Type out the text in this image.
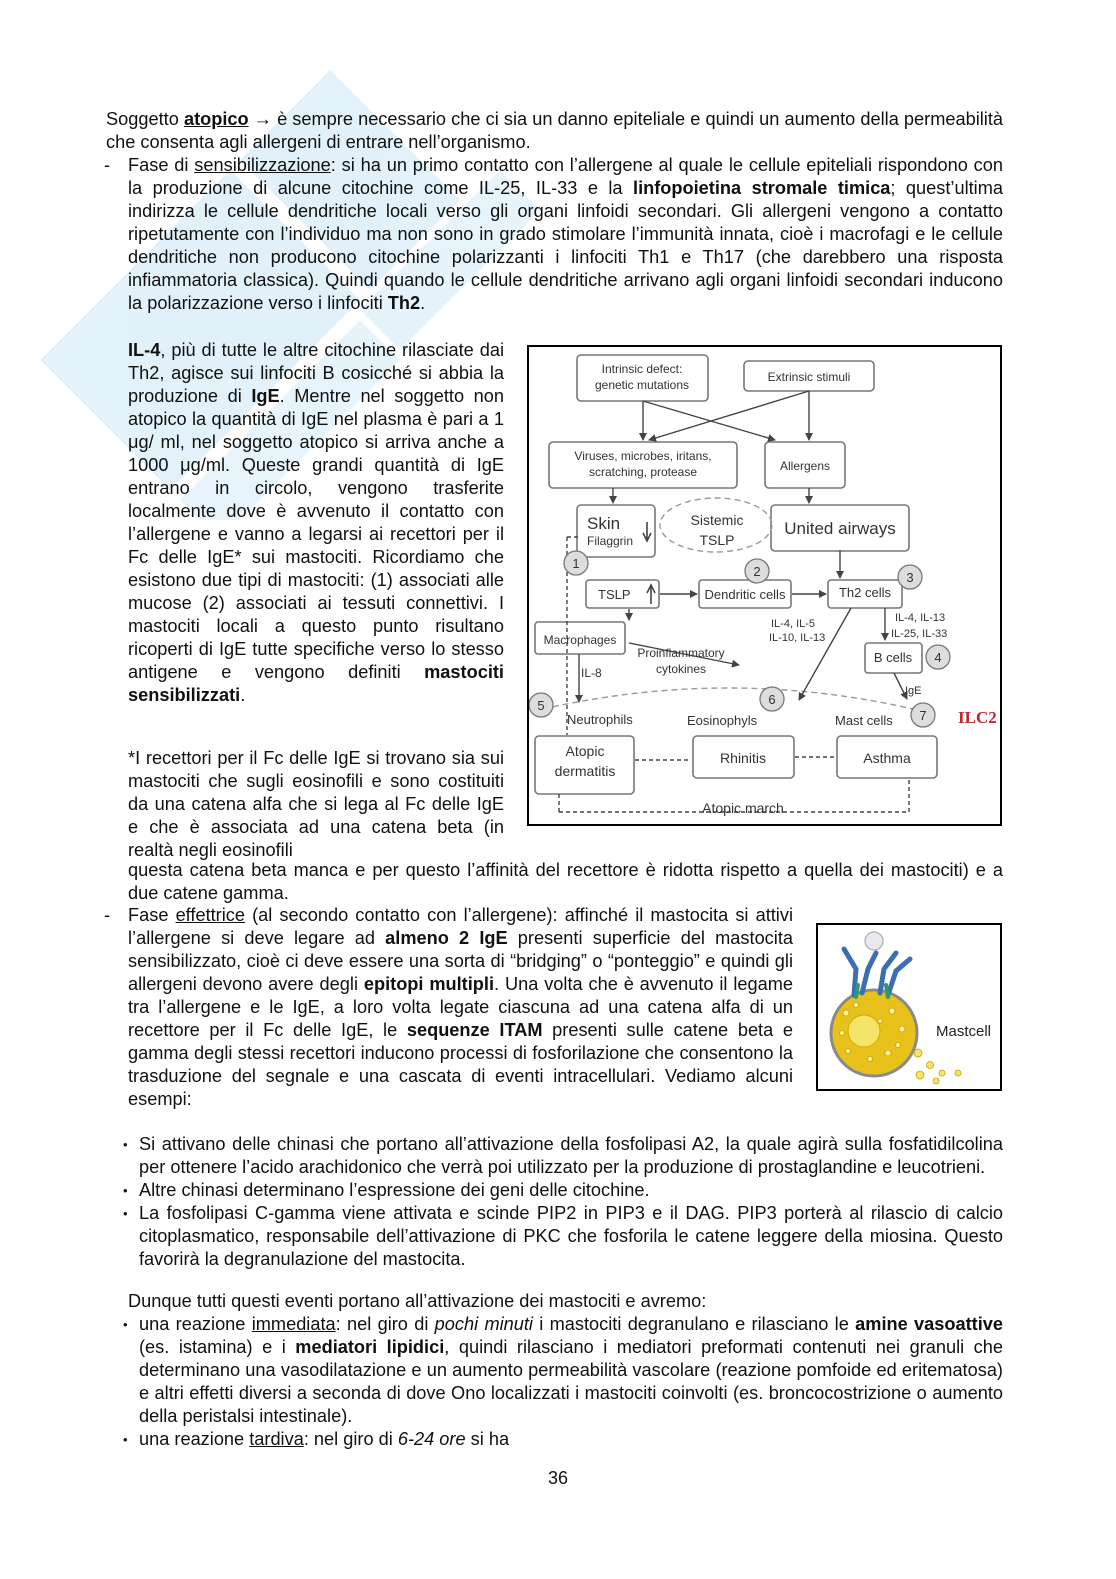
Soggetto atopico → è sempre necessario che ci sia un danno epiteliale e quindi un aumento della permeabilità che consenta agli allergeni di entrare nell’organismo.
- Fase di sensibilizzazione: si ha un primo contatto con l’allergene al quale le cellule epiteliali rispondono con la produzione di alcune citochine come IL-25, IL-33 e la linfopoietina stromale timica; quest’ultima indirizza le cellule dendritiche locali verso gli organi linfoidi secondari. Gli allergeni vengono a contatto ripetutamente con l’individuo ma non sono in grado stimolare l’immunità innata, cioè i macrofagi e le cellule dendritiche non producono citochine polarizzanti i linfociti Th1 e Th17 (che darebbero una risposta infiammatoria classica). Quindi quando le cellule dendritiche arrivano agli organi linfoidi secondari inducono la polarizzazione verso i linfociti Th2.
IL-4, più di tutte le altre citochine rilasciate dai Th2, agisce sui linfociti B cosicché si abbia la produzione di IgE. Mentre nel soggetto non atopico la quantità di IgE nel plasma è pari a 1 μg/ ml, nel soggetto atopico si arriva anche a 1000 μg/ml. Queste grandi quantità di IgE entrano in circolo, vengono trasferite localmente dove è avvenuto il contatto con l’allergene e vanno a legarsi ai recettori per il Fc delle IgE* sui mastociti. Ricordiamo che esistono due tipi di mastociti: (1) associati alle mucose (2) associati ai tessuti connettivi. I mastociti locali a questo punto risultano ricoperti di IgE tutte specifiche verso lo stesso antigene e vengono definiti mastociti sensibilizzati.
*I recettori per il Fc delle IgE si trovano sia sui mastociti che sugli eosinofili e sono costituiti da una catena alfa che si lega al Fc delle IgE e che è associata ad una catena beta (in realtà negli eosinofili
questa catena beta manca e per questo l’affinità del recettore è ridotta rispetto a quella dei mastociti) e a due catene gamma.
Intrinsic defect:
genetic mutations
Extrinsic stimuli
Viruses, microbes, iritans,
scratching, protease	Allergens
Skin
Filaggrin
Sistemic
TSLP
United airways
TSLP	Dendritic cells	Th2 cells
IL-4, IL-5
IL-10, IL-13
IL-4, IL-13
IL-25, IL-33
Macrophages
Proinflammatory
cytokines
IL-8
B cells
IgE
Neutrophils	Eosinophyls	Mast cells
Atopic
dermatitis
Rhinitis	Asthma
Atopic march
1
2	3
4
5	6
7 ILC2
- Fase effettrice (al secondo contatto con l’allergene): affinché il mastocita si attivi l’allergene si deve legare ad almeno 2 IgE presenti superficie del mastocita sensibilizzato, cioè ci deve essere una sorta di “bridging” o “ponteggio” e quindi gli allergeni devono avere degli epitopi multipli. Una volta che è avvenuto il legame tra l’allergene e le IgE, a loro volta legate ciascuna ad una catena alfa di un recettore per il Fc delle IgE, le sequenze ITAM presenti sulle catene beta e gamma degli stessi recettori inducono processi di fosforilazione che consentono la trasduzione del segnale e una cascata di eventi intracellulari. Vediamo alcuni esempi:
Mastcell
• Si attivano delle chinasi che portano all’attivazione della fosfolipasi A2, la quale agirà sulla fosfatidilcolina per ottenere l’acido arachidonico che verrà poi utilizzato per la produzione di prostaglandine e leucotrieni.
• Altre chinasi determinano l’espressione dei geni delle citochine.
• La fosfolipasi C-gamma viene attivata e scinde PIP2 in PIP3 e il DAG. PIP3 porterà al rilascio di calcio citoplasmatico, responsabile dell’attivazione di PKC che fosforila le catene leggere della miosina. Questo favorirà la degranulazione del mastocita.
Dunque tutti questi eventi portano all’attivazione dei mastociti e avremo:
• una reazione immediata: nel giro di pochi minuti i mastociti degranulano e rilasciano le amine vasoattive (es. istamina) e i mediatori lipidici, quindi rilasciano i mediatori preformati contenuti nei granuli che determinano una vasodilatazione e un aumento permeabilità vascolare (reazione pomfoide ed eritematosa) e altri effetti diversi a seconda di dove Ono localizzati i mastociti coinvolti (es. broncocostrizione o aumento della peristalsi intestinale).
• una reazione tardiva: nel giro di 6-24 ore si ha
36
